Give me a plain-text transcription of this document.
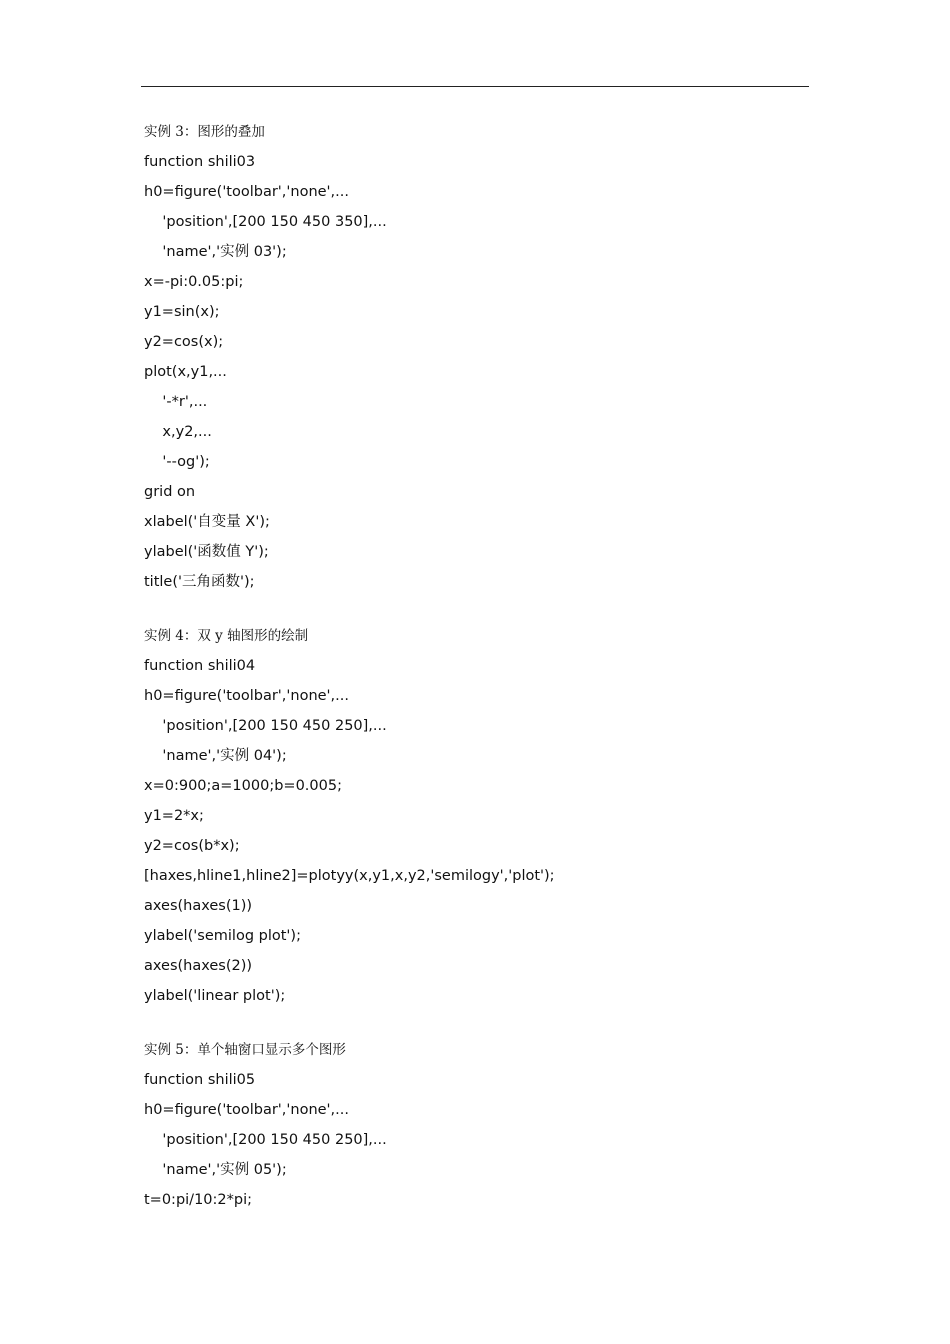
实例 3：图形的叠加
function shili03
h0=figure('toolbar','none',...
'position',[200 150 450 350],...
'name','实例 03');
x=-pi:0.05:pi;
y1=sin(x);
y2=cos(x);
plot(x,y1,...
'-*r',...
x,y2,...
'--og');
grid on
xlabel('自变量 X');
ylabel('函数值 Y');
title('三角函数');
实例 4：双 y 轴图形的绘制
function shili04
h0=figure('toolbar','none',...
'position',[200 150 450 250],...
'name','实例 04');
x=0:900;a=1000;b=0.005;
y1=2*x;
y2=cos(b*x);
[haxes,hline1,hline2]=plotyy(x,y1,x,y2,'semilogy','plot');
axes(haxes(1))
ylabel('semilog plot');
axes(haxes(2))
ylabel('linear plot');
实例 5：单个轴窗口显示多个图形
function shili05
h0=figure('toolbar','none',...
'position',[200 150 450 250],...
'name','实例 05');
t=0:pi/10:2*pi;
